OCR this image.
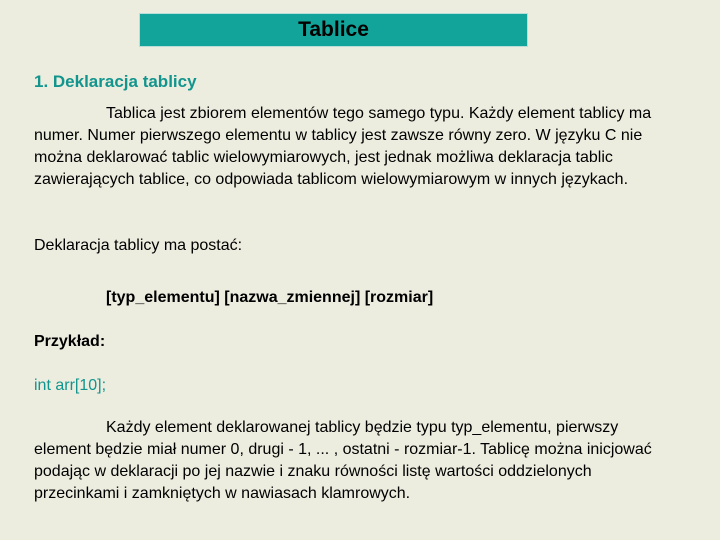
Tablice
1. Deklaracja tablicy
Tablica jest zbiorem elementów tego samego typu. Każdy element tablicy ma numer. Numer pierwszego elementu w tablicy jest zawsze równy zero. W języku C nie można deklarować tablic wielowymiarowych, jest jednak możliwa deklaracja tablic zawierających tablice, co odpowiada tablicom wielowymiarowym w innych językach.
Deklaracja tablicy ma postać:
[typ_elementu] [nazwa_zmiennej] [rozmiar]
Przykład:
int arr[10];
Każdy element deklarowanej tablicy będzie typu typ_elementu, pierwszy element będzie miał numer 0, drugi - 1, ... , ostatni - rozmiar-1. Tablicę można inicjować podając w deklaracji po jej nazwie i znaku równości listę wartości oddzielonych przecinkami i zamkniętych w nawiasach klamrowych.
